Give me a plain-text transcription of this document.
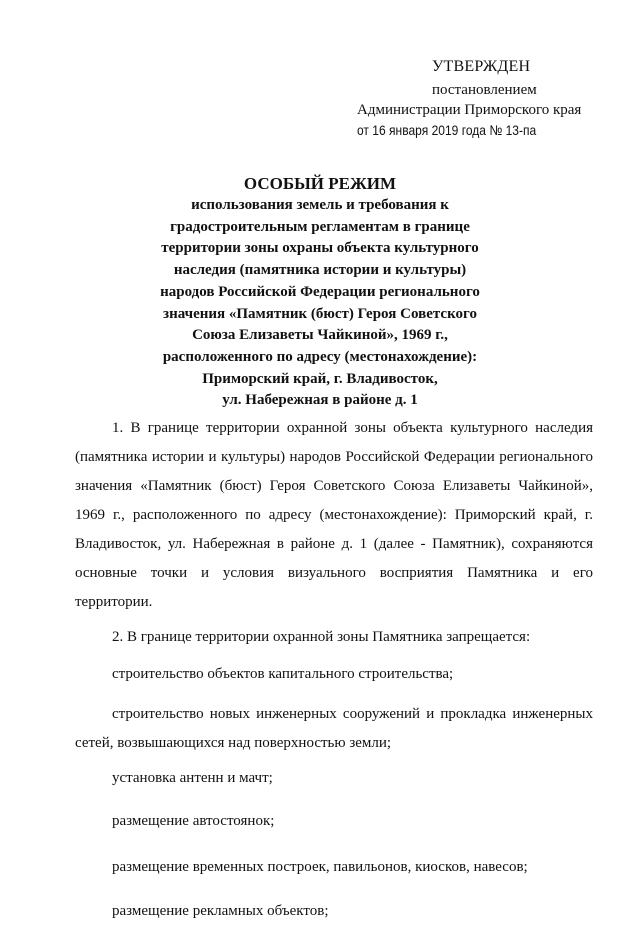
УТВЕРЖДЕН
постановлением
Администрации Приморского края
от 16 января 2019 года № 13-па
ОСОБЫЙ РЕЖИМ
использования земель и требования к
градостроительным регламентам в границе
территории зоны охраны объекта культурного
наследия (памятника истории и культуры)
народов Российской Федерации регионального
значения «Памятник (бюст) Героя Советского
Союза Елизаветы Чайкиной», 1969 г.,
расположенного по адресу (местонахождение):
Приморский край, г. Владивосток,
ул. Набережная в районе д. 1

1. В границе территории охранной зоны объекта культурного наследия (памятника истории и культуры) народов Российской Федерации регионального значения «Памятник (бюст) Героя Советского Союза Елизаветы Чайкиной», 1969 г., расположенного по адресу (местонахождение): Приморский край, г. Владивосток, ул. Набережная в районе д. 1 (далее - Памятник), сохраняются основные точки и условия визуального восприятия Памятника и его территории.

2. В границе территории охранной зоны Памятника запрещается:

строительство объектов капитального строительства;

строительство новых инженерных сооружений и прокладка инженерных сетей, возвышающихся над поверхностью земли;

установка антенн и мачт;

размещение автостоянок;

размещение временных построек, павильонов, киосков, навесов;

размещение рекламных объектов;
